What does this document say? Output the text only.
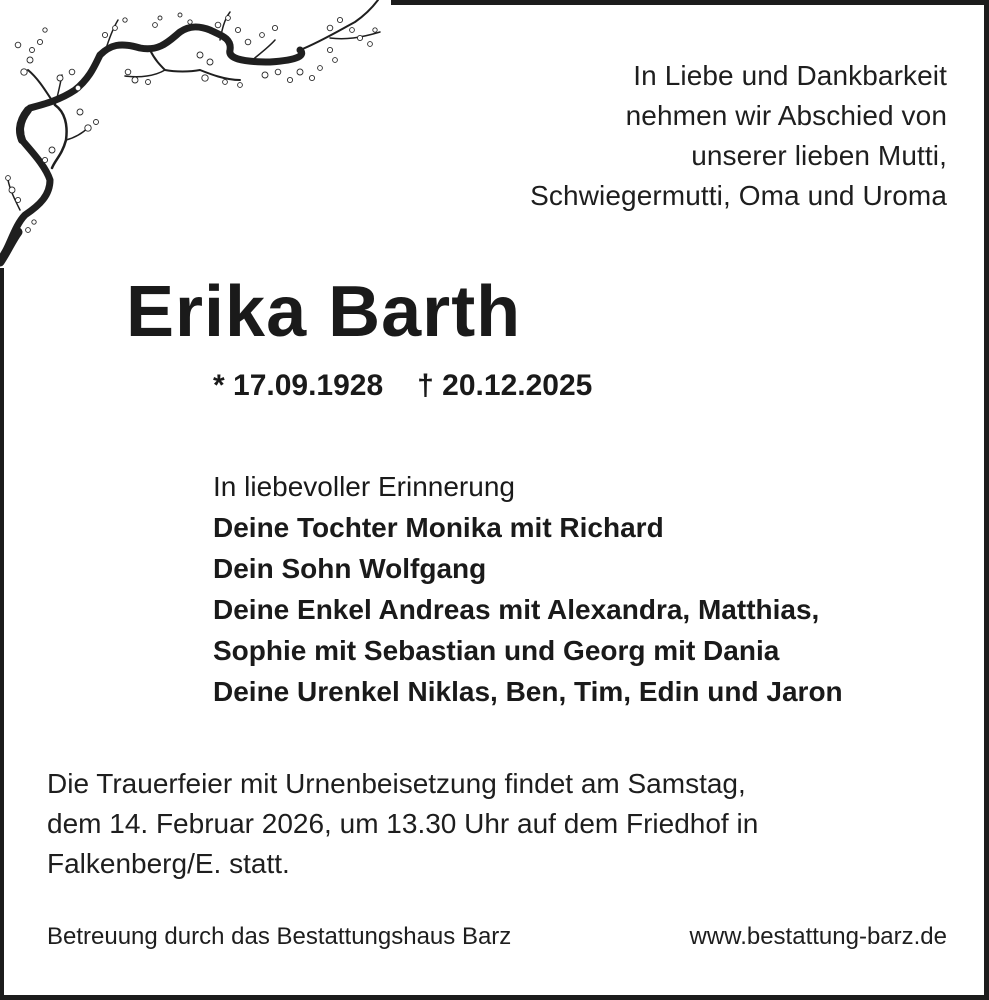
In Liebe und Dankbarkeit
nehmen wir Abschied von
unserer lieben Mutti,
Schwiegermutti, Oma und Uroma
Erika Barth
* 17.09.1928 † 20.12.2025
In liebevoller Erinnerung
Deine Tochter Monika mit Richard
Dein Sohn Wolfgang
Deine Enkel Andreas mit Alexandra, Matthias,
Sophie mit Sebastian und Georg mit Dania
Deine Urenkel Niklas, Ben, Tim, Edin und Jaron
Die Trauerfeier mit Urnenbeisetzung findet am Samstag,
dem 14. Februar 2026, um 13.30 Uhr auf dem Friedhof in
Falkenberg/E. statt.
Betreuung durch das Bestattungshaus Barz	www.bestattung-barz.de
